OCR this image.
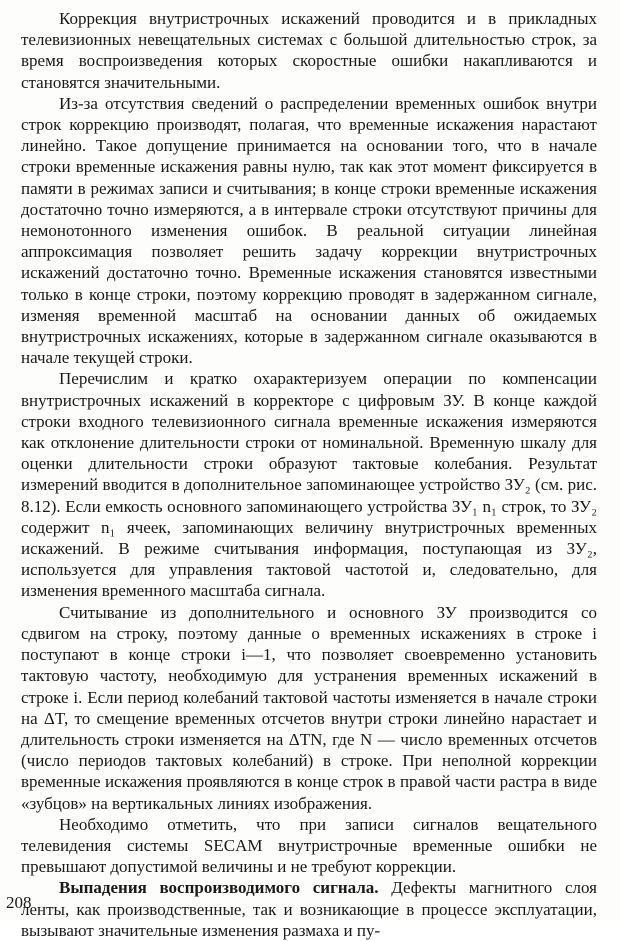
Коррекция внутристрочных искажений проводится и в прикладных телевизионных невещательных системах с большой длительностью строк, за время воспроизведения которых скоростные ошибки накапливаются и становятся значительными.

Из-за отсутствия сведений о распределении временных ошибок внутри строк коррекцию производят, полагая, что временные искажения нарастают линейно. Такое допущение принимается на основании того, что в начале строки временные искажения равны нулю, так как этот момент фиксируется в памяти в режимах записи и считывания; в конце строки временные искажения достаточно точно измеряются, а в интервале строки отсутствуют причины для немонотонного изменения ошибок. В реальной ситуации линейная аппроксимация позволяет решить задачу коррекции внутристрочных искажений достаточно точно. Временные искажения становятся известными только в конце строки, поэтому коррекцию проводят в задержанном сигнале, изменяя временной масштаб на основании данных об ожидаемых внутристрочных искажениях, которые в задержанном сигнале оказываются в начале текущей строки.

Перечислим и кратко охарактеризуем операции по компенсации внутристрочных искажений в корректоре с цифровым ЗУ. В конце каждой строки входного телевизионного сигнала временные искажения измеряются как отклонение длительности строки от номинальной. Временную шкалу для оценки длительности строки образуют тактовые колебания. Результат измерений вводится в дополнительное запоминающее устройство ЗУ₂ (см. рис. 8.12). Если емкость основного запоминающего устройства ЗУ₁ n₁ строк, то ЗУ₂ содержит n₁ ячеек, запоминающих величину внутристрочных временных искажений. В режиме считывания информация, поступающая из ЗУ₂, используется для управления тактовой частотой и, следовательно, для изменения временного масштаба сигнала.

Считывание из дополнительного и основного ЗУ производится со сдвигом на строку, поэтому данные о временных искажениях в строке i поступают в конце строки i—1, что позволяет своевременно установить тактовую частоту, необходимую для устранения временных искажений в строке i. Если период колебаний тактовой частоты изменяется в начале строки на ΔT, то смещение временных отсчетов внутри строки линейно нарастает и длительность строки изменяется на ΔTN, где N — число временных отсчетов (число периодов тактовых колебаний) в строке. При неполной коррекции временные искажения проявляются в конце строк в правой части растра в виде «зубцов» на вертикальных линиях изображения.

Необходимо отметить, что при записи сигналов вещательного телевидения системы SECAM внутристрочные временные ошибки не превышают допустимой величины и не требуют коррекции.

Выпадения воспроизводимого сигнала. Дефекты магнитного слоя ленты, как производственные, так и возникающие в процессе эксплуатации, вызывают значительные изменения размаха и пу-

208
